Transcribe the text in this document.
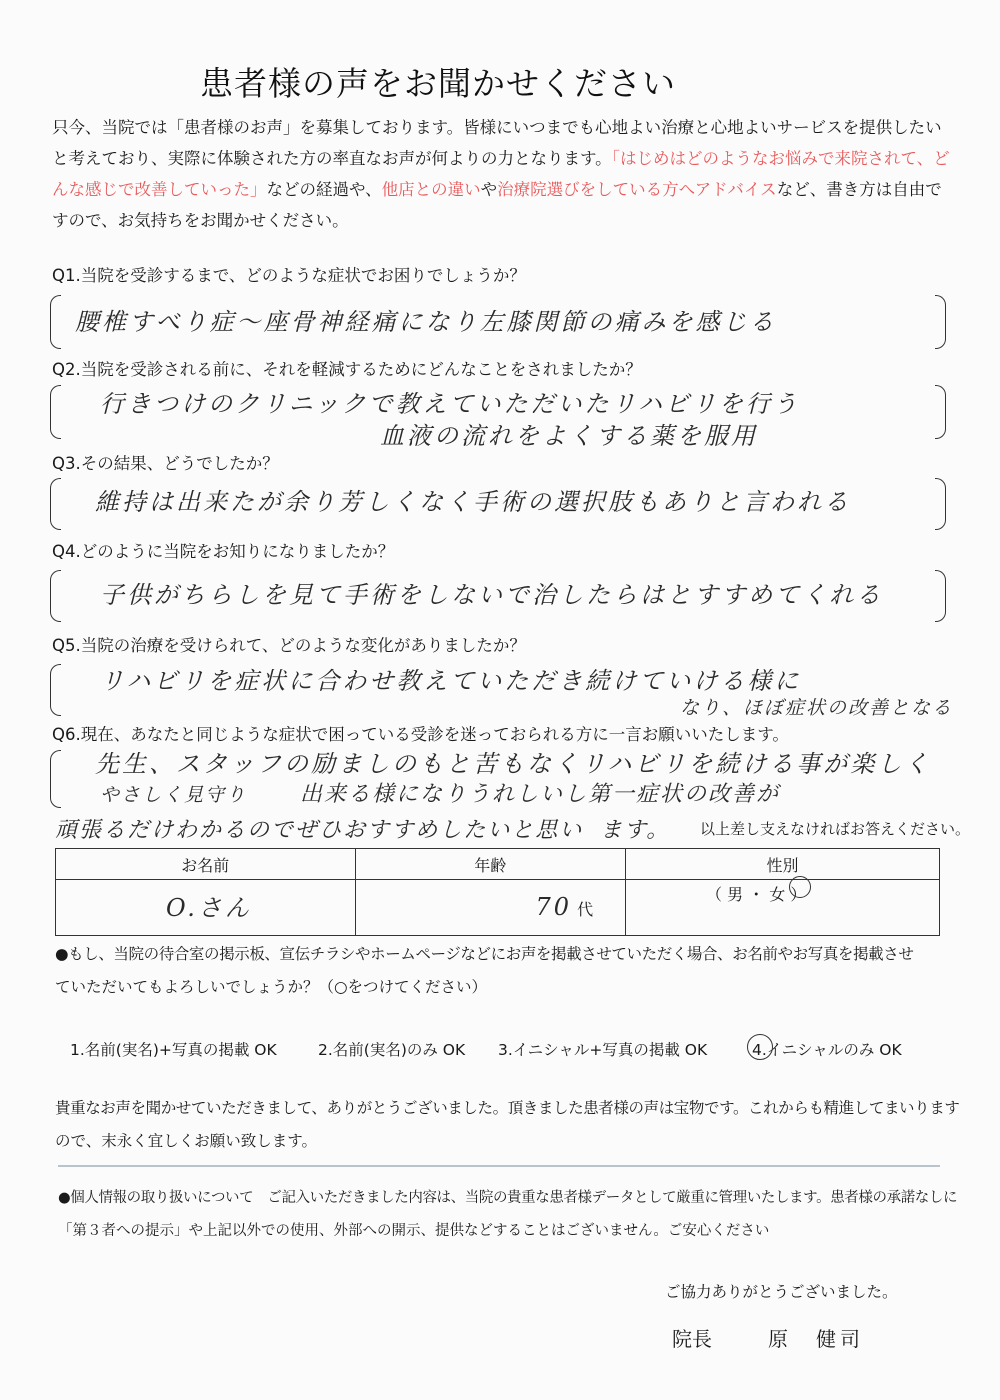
患者様の声をお聞かせください
只今、当院では「患者様のお声」を募集しております。皆様にいつまでも心地よい治療と心地よいサービスを提供したい
と考えており、実際に体験された方の率直なお声が何よりの力となります。「はじめはどのようなお悩みで来院されて、ど
んな感じで改善していった」などの経過や、他店との違いや治療院選びをしている方へアドバイスなど、書き方は自由で
すので、お気持ちをお聞かせください。
Q1.当院を受診するまで、どのような症状でお困りでしょうか？
腰椎すべり症～座骨神経痛になり左膝関節の痛みを感じる
Q2.当院を受診される前に、それを軽減するためにどんなことをされましたか？
行きつけのクリニックで教えていただいたリハビリを行う
血液の流れをよくする薬を服用
Q3.その結果、どうでしたか？
維持は出来たが余り芳しくなく手術の選択肢もありと言われる
Q4.どのように当院をお知りになりましたか？
子供がちらしを見て手術をしないで治したらはとすすめてくれる
Q5.当院の治療を受けられて、どのような変化がありましたか？
リハビリを症状に合わせ教えていただき続けていける様に
なり、ほぼ症状の改善となる
Q6.現在、あなたと同じような症状で困っている受診を迷っておられる方に一言お願いいたします。
先生、スタッフの励ましのもと苦もなくリハビリを続ける事が楽しく
やさしく見守り 出来る様になりうれしいし第一症状の改善が
頑張るだけわかるのでぜひおすすめしたいと思い ます。 以上差し支えなければお答えください。
お名前	年齢	性別
O.さん	70 代	（ 男 ・ 女 ）
●もし、当院の待合室の掲示板、宣伝チラシやホームページなどにお声を掲載させていただく場合、お名前やお写真を掲載させ
ていただいてもよろしいでしょうか？（○をつけてください）
1.名前(実名)+写真の掲載 OK	2.名前(実名)のみ OK 3.イニシャル+写真の掲載 OK	4.イニシャルのみ OK
貴重なお声を聞かせていただきまして、ありがとうございました。頂きました患者様の声は宝物です。これからも精進してまいります
ので、末永く宜しくお願い致します。
●個人情報の取り扱いについて　ご記入いただきました内容は、当院の貴重な患者様データとして厳重に管理いたします。患者様の承諾なしに
「第３者への提示」や上記以外での使用、外部への開示、提供などすることはございません。ご安心ください
ご協力ありがとうございました。
院長	原　健司
